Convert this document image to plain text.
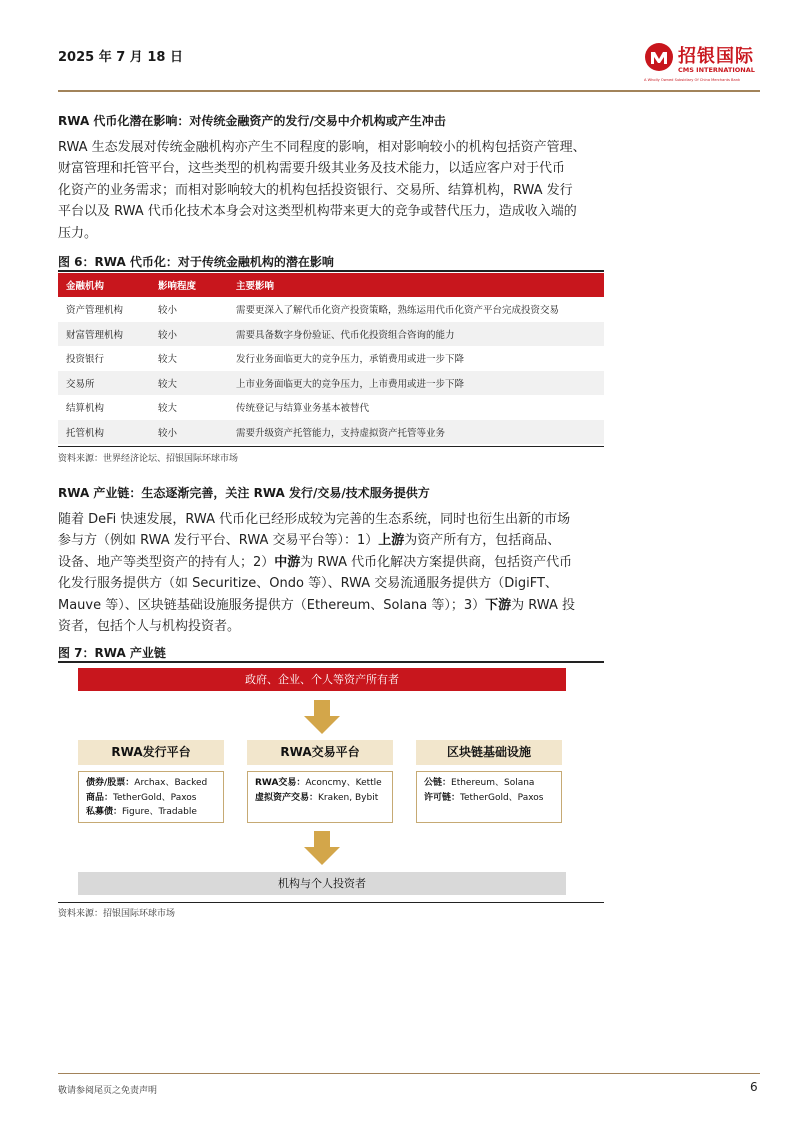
2025 年 7 月 18 日	招银国际
CMS INTERNATIONAL
A Wholly Owned Subsidiary Of China Merchants Bank
RWA 代币化潜在影响：对传统金融资产的发行/交易中介机构或产生冲击
RWA 生态发展对传统金融机构亦产生不同程度的影响，相对影响较小的机构包括资产管理、
财富管理和托管平台，这些类型的机构需要升级其业务及技术能力，以适应客户对于代币
化资产的业务需求；而相对影响较大的机构包括投资银行、交易所、结算机构，RWA 发行
平台以及 RWA 代币化技术本身会对这类型机构带来更大的竞争或替代压力，造成收入端的
压力。
图 6：RWA 代币化：对于传统金融机构的潜在影响
金融机构	影响程度	主要影响
资产管理机构	较小	需要更深入了解代币化资产投资策略，熟练运用代币化资产平台完成投资交易
财富管理机构	较小	需要具备数字身份验证、代币化投资组合咨询的能力
投资银行	较大	发行业务面临更大的竞争压力，承销费用或进一步下降
交易所	较大	上市业务面临更大的竞争压力，上市费用或进一步下降
结算机构	较大	传统登记与结算业务基本被替代
托管机构	较小	需要升级资产托管能力，支持虚拟资产托管等业务
资料来源：世界经济论坛、招银国际环球市场
RWA 产业链：生态逐渐完善，关注 RWA 发行/交易/技术服务提供方
随着 DeFi 快速发展，RWA 代币化已经形成较为完善的生态系统，同时也衍生出新的市场
参与方（例如 RWA 发行平台、RWA 交易平台等）：1）上游为资产所有方，包括商品、
设备、地产等类型资产的持有人；2）中游为 RWA 代币化解决方案提供商，包括资产代币
化发行服务提供方（如 Securitize、Ondo 等）、RWA 交易流通服务提供方（DigiFT、
Mauve 等）、区块链基础设施服务提供方（Ethereum、Solana 等）；3）下游为 RWA 投
资者，包括个人与机构投资者。
图 7：RWA 产业链
政府、企业、个人等资产所有者
RWA发行平台	RWA交易平台	区块链基础设施
债券/股票：Archax、Backed
商品：TetherGold、Paxos
私募债：Figure、Tradable
RWA交易：Aconcmy、Kettle
虚拟资产交易：Kraken, Bybit
公链：Ethereum、Solana
许可链：TetherGold、Paxos
机构与个人投资者
资料来源：招银国际环球市场
敬请参阅尾页之免责声明	6
